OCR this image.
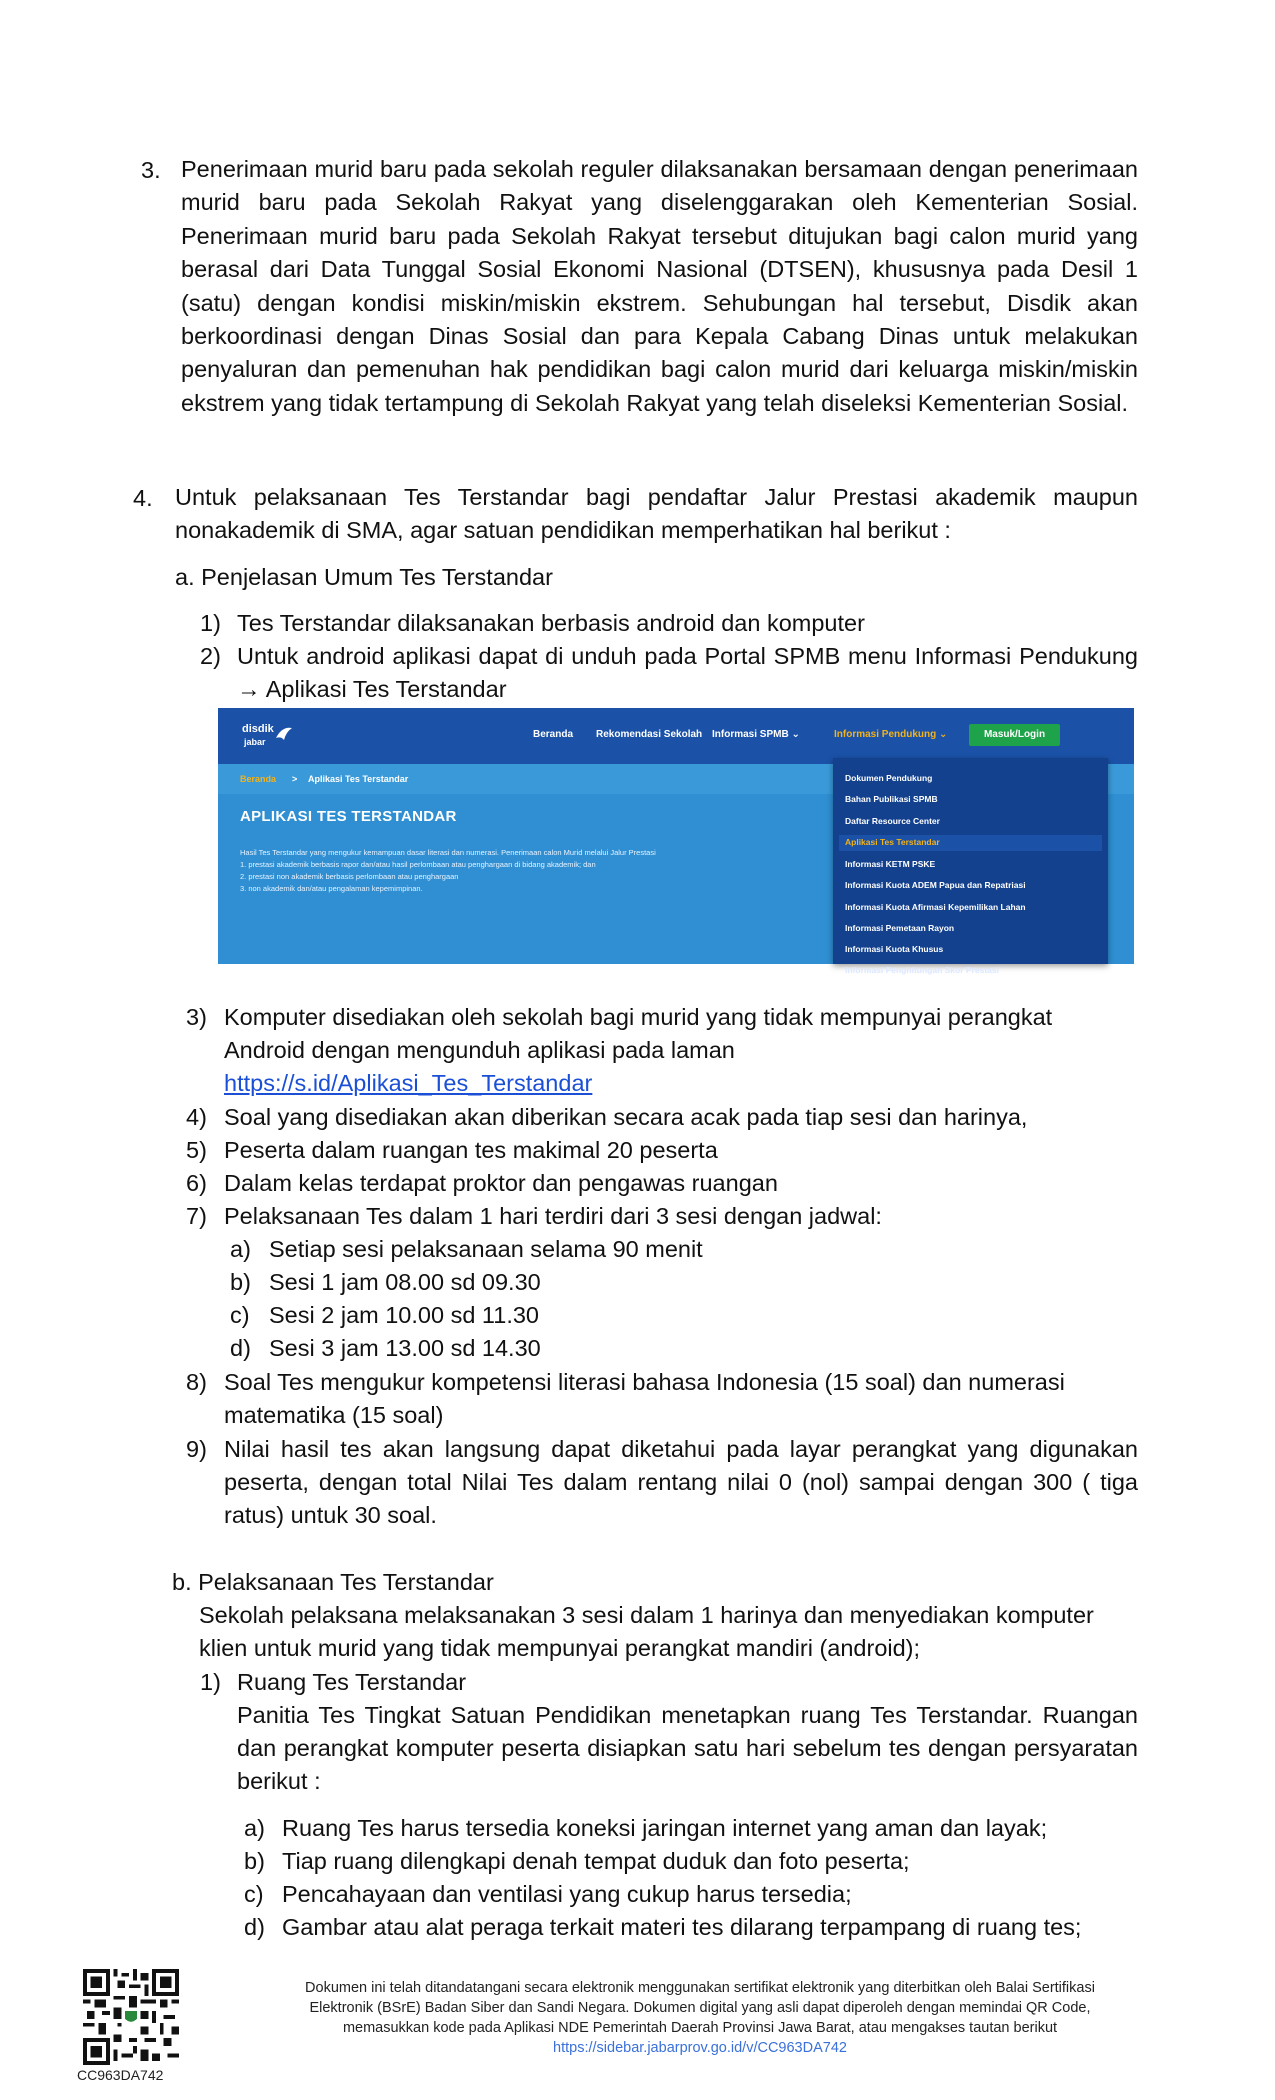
3. Penerimaan murid baru pada sekolah reguler dilaksanakan bersamaan dengan penerimaan murid baru pada Sekolah Rakyat yang diselenggarakan oleh Kementerian Sosial. Penerimaan murid baru pada Sekolah Rakyat tersebut ditujukan bagi calon murid yang berasal dari Data Tunggal Sosial Ekonomi Nasional (DTSEN), khususnya pada Desil 1 (satu) dengan kondisi miskin/miskin ekstrem. Sehubungan hal tersebut, Disdik akan berkoordinasi dengan Dinas Sosial dan para Kepala Cabang Dinas untuk melakukan penyaluran dan pemenuhan hak pendidikan bagi calon murid dari keluarga miskin/miskin ekstrem yang tidak tertampung di Sekolah Rakyat yang telah diseleksi Kementerian Sosial.

4. Untuk pelaksanaan Tes Terstandar bagi pendaftar Jalur Prestasi akademik maupun nonakademik di SMA, agar satuan pendidikan memperhatikan hal berikut :

a. Penjelasan Umum Tes Terstandar
1) Tes Terstandar dilaksanakan berbasis android dan komputer
2) Untuk android aplikasi dapat di unduh pada Portal SPMB menu Informasi Pendukung → Aplikasi Tes Terstandar

disdik
jabar
Beranda Rekomendasi Sekolah Informasi SPMB ⌄	Informasi Pendukung ⌄	Masuk/Login
Beranda > Aplikasi Tes Terstandar
APLIKASI TES TERSTANDAR
Hasil Tes Terstandar yang mengukur kemampuan dasar literasi dan numerasi. Penerimaan calon Murid melalui Jalur Prestasi
1. prestasi akademik berbasis rapor dan/atau hasil perlombaan atau penghargaan di bidang akademik; dan
2. prestasi non akademik berbasis perlombaan atau penghargaan
3. non akademik dan/atau pengalaman kepemimpinan.
Dokumen Pendukung
Bahan Publikasi SPMB
Daftar Resource Center
Aplikasi Tes Terstandar
Informasi KETM PSKE
Informasi Kuota ADEM Papua dan Repatriasi
Informasi Kuota Afirmasi Kepemilikan Lahan
Informasi Pemetaan Rayon
Informasi Kuota Khusus
Informasi Penghitungan Skor Prestasi
3) Komputer disediakan oleh sekolah bagi murid yang tidak mempunyai perangkat
Android dengan mengunduh aplikasi pada laman
https://s.id/Aplikasi_Tes_Terstandar
4) Soal yang disediakan akan diberikan secara acak pada tiap sesi dan harinya,
5) Peserta dalam ruangan tes makimal 20 peserta
6) Dalam kelas terdapat proktor dan pengawas ruangan
7) Pelaksanaan Tes dalam 1 hari terdiri dari 3 sesi dengan jadwal:
a) Setiap sesi pelaksanaan selama 90 menit
b) Sesi 1 jam 08.00 sd 09.30
c) Sesi 2 jam 10.00 sd 11.30
d) Sesi 3 jam 13.00 sd 14.30
8) Soal Tes mengukur kompetensi literasi bahasa Indonesia (15 soal) dan numerasi
matematika (15 soal)
9) Nilai hasil tes akan langsung dapat diketahui pada layar perangkat yang digunakan peserta, dengan total Nilai Tes dalam rentang nilai 0 (nol) sampai dengan 300 ( tiga ratus) untuk 30 soal.

b. Pelaksanaan Tes Terstandar
Sekolah pelaksana melaksanakan 3 sesi dalam 1 harinya dan menyediakan komputer
klien untuk murid yang tidak mempunyai perangkat mandiri (android);
1) Ruang Tes Terstandar

Panitia Tes Tingkat Satuan Pendidikan menetapkan ruang Tes Terstandar. Ruangan dan perangkat komputer peserta disiapkan satu hari sebelum tes dengan persyaratan berikut :

a) Ruang Tes harus tersedia koneksi jaringan internet yang aman dan layak;
b) Tiap ruang dilengkapi denah tempat duduk dan foto peserta;
c) Pencahayaan dan ventilasi yang cukup harus tersedia;
d) Gambar atau alat peraga terkait materi tes dilarang terpampang di ruang tes;
CC963DA742
Dokumen ini telah ditandatangani secara elektronik menggunakan sertifikat elektronik yang diterbitkan oleh Balai Sertifikasi
Elektronik (BSrE) Badan Siber dan Sandi Negara. Dokumen digital yang asli dapat diperoleh dengan memindai QR Code,
memasukkan kode pada Aplikasi NDE Pemerintah Daerah Provinsi Jawa Barat, atau mengakses tautan berikut
https://sidebar.jabarprov.go.id/v/CC963DA742
